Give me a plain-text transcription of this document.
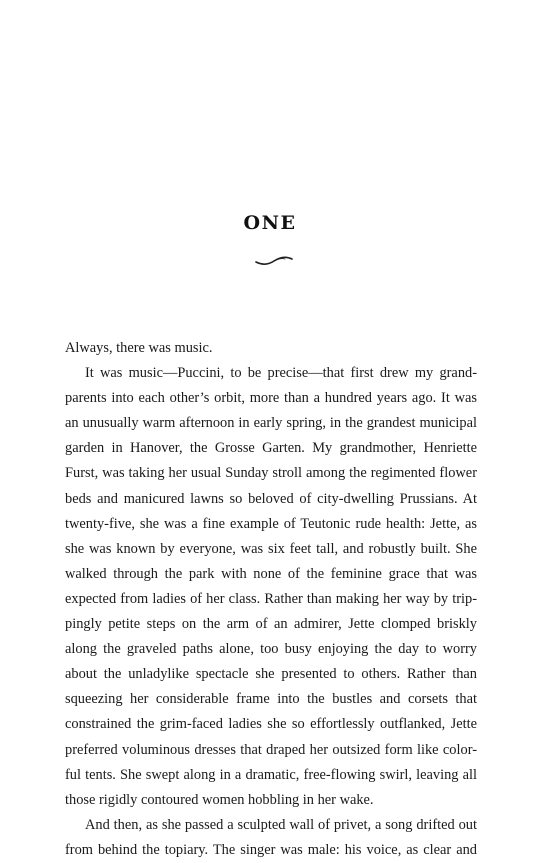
ONE
Always, there was music.
It was music—Puccini, to be precise—that first drew my grand-
parents into each other’s orbit, more than a hundred years ago. It was
an unusually warm afternoon in early spring, in the grandest municipal
garden in Hanover, the Grosse Garten. My grandmother, Henriette
Furst, was taking her usual Sunday stroll among the regimented flower
beds and manicured lawns so beloved of city-dwelling Prussians. At
twenty-five, she was a fine example of Teutonic rude health: Jette, as
she was known by everyone, was six feet tall, and robustly built. She
walked through the park with none of the feminine grace that was
expected from ladies of her class. Rather than making her way by trip-
pingly petite steps on the arm of an admirer, Jette clomped briskly
along the graveled paths alone, too busy enjoying the day to worry
about the unladylike spectacle she presented to others. Rather than
squeezing her considerable frame into the bustles and corsets that
constrained the grim-faced ladies she so effortlessly outflanked, Jette
preferred voluminous dresses that draped her outsized form like color-
ful tents. She swept along in a dramatic, free-flowing swirl, leaving all
those rigidly contoured women hobbling in her wake.
And then, as she passed a sculpted wall of privet, a song drifted out
from behind the topiary. The singer was male: his voice, as clear and
